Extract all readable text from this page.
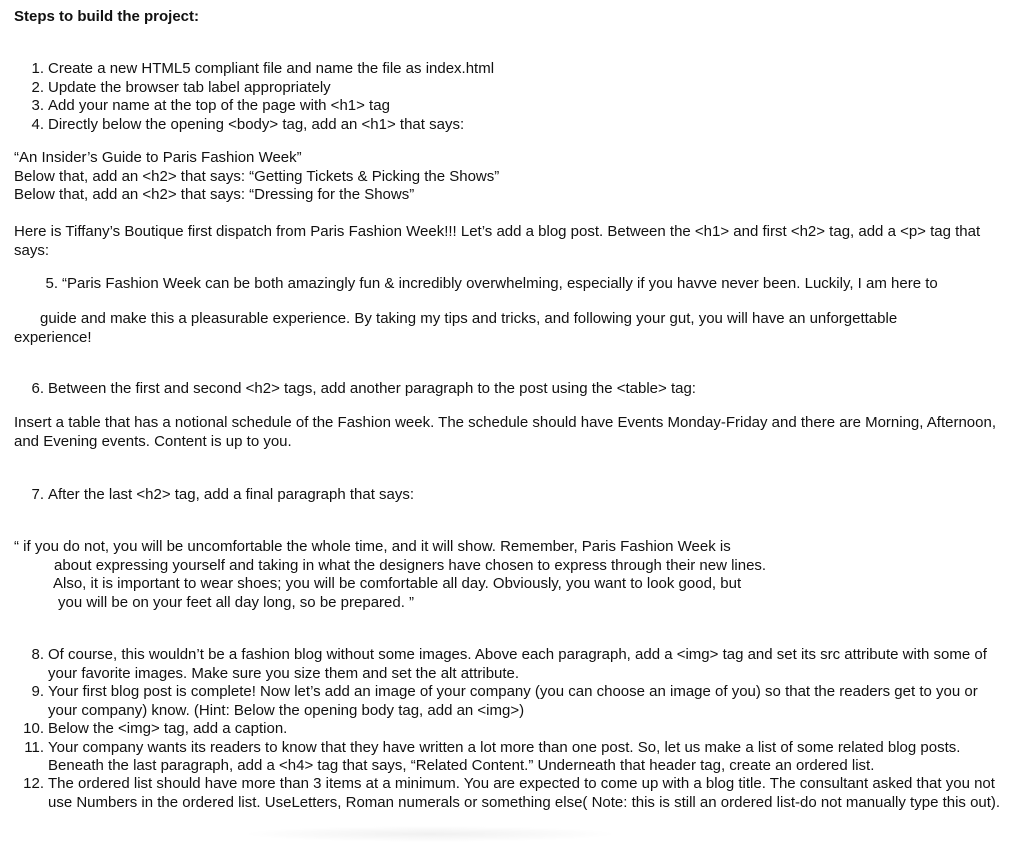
Steps to build the project:

1. Create a new HTML5 compliant file and name the file as index.html
2. Update the browser tab label appropriately
3. Add your name at the top of the page with <h1> tag
4. Directly below the opening <body> tag, add an <h1> that says:

“An Insider’s Guide to Paris Fashion Week”

Below that, add an <h2> that says: “Getting Tickets & Picking the Shows”

Below that, add an <h2> that says: “Dressing for the Shows”

Here is Tiffany’s Boutique first dispatch from Paris Fashion Week!!! Let’s add a blog post. Between the <h1> and first <h2> tag, add a <p> tag that says:

5. “Paris Fashion Week can be both amazingly fun & incredibly overwhelming, especially if you havve never been. Luckily, I am here to

guide and make this a pleasurable experience. By taking my tips and tricks, and following your gut, you will have an unforgettable

experience!

6. Between the first and second <h2> tags, add another paragraph to the post using the <table> tag:

Insert a table that has a notional schedule of the Fashion week. The schedule should have Events Monday-Friday and there are Morning, Afternoon, and Evening events. Content is up to you.

7. After the last <h2> tag, add a final paragraph that says:

“ if you do not, you will be uncomfortable the whole time, and it will show. Remember, Paris Fashion Week is

about expressing yourself and taking in what the designers have chosen to express through their new lines.

Also, it is important to wear shoes; you will be comfortable all day. Obviously, you want to look good, but

you will be on your feet all day long, so be prepared. ”

8. Of course, this wouldn’t be a fashion blog without some images. Above each paragraph, add a <img> tag and set its src attribute with some of your favorite images. Make sure you size them and set the alt attribute.
9. Your first blog post is complete! Now let’s add an image of your company (you can choose an image of you) so that the readers get to you or your company) know. (Hint: Below the opening body tag, add an <img>)
10. Below the <img> tag, add a caption.
11. Your company wants its readers to know that they have written a lot more than one post. So, let us make a list of some related blog posts. Beneath the last paragraph, add a <h4> tag that says, “Related Content.” Underneath that header tag, create an ordered list.
12. The ordered list should have more than 3 items at a minimum. You are expected to come up with a blog title. The consultant asked that you not use Numbers in the ordered list. UseLetters, Roman numerals or something else( Note: this is still an ordered list-do not manually type this out).
